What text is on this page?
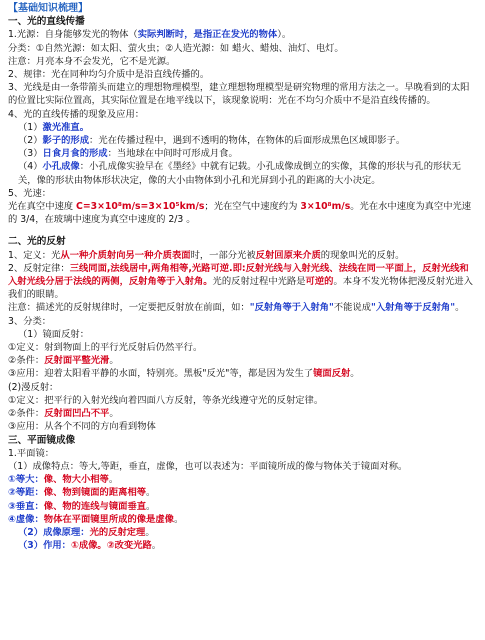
【基础知识梳理】
一、光的直线传播
1.光源：自身能够发光的物体（实际判断时，是指正在发光的物体）。
分类：①自然光源：如太阳、萤火虫；②人造光源：如 蜡火、蜡烛、油灯、电灯。
注意：月亮本身不会发光，它不是光源。
2、规律：光在同种均匀介质中是沿直线传播的。
3、光线是由一条带箭头而建立的理想物理模型，建立理想物理模型是研究物理的常用方法之一。早晚看到的太阳的位置比实际位置高，其实际位置是在地平线以下，该现象说明：光在不均匀介质中不是沿直线传播的。
4、光的直线传播的现象及应用：
（1）激光准直。
（2）影子的形成：光在传播过程中，遇到不透明的物体，在物体的后面形成黑色区域即影子。
（3）日食月食的形成：当地球在中间时可形成月食。
（4）小孔成像：小孔成像实验早在《墨经》中就有记载。小孔成像成倒立的实像，其像的形状与孔的形状无关，像的形状由物体形状决定，像的大小由物体到小孔和光屏到小孔的距离的大小决定。
5、光速：
光在真空中速度 C=3×10⁸m/s=3×10⁵km/s；光在空气中速度约为 3×10⁸m/s。光在水中速度为真空中光速的 3/4，在玻璃中速度为真空中速度的 2/3 。
二、光的反射
1、定义：光从一种介质射向另一种介质表面时，一部分光被反射回原来介质的现象叫光的反射。
2、反射定律：三线同面,法线居中,两角相等,光路可逆.即:反射光线与入射光线、法线在同一平面上，反射光线和入射光线分居于法线的两侧，反射角等于入射角。光的反射过程中光路是可逆的。本身不发光物体把漫反射光进入我们的眼睛。
注意：描述光的反射规律时，一定要把反射放在前面，如："反射角等于入射角"不能说成"入射角等于反射角"。
3、分类：
（1）镜面反射：
①定义：射到物面上的平行光反射后仍然平行。
②条件：反射面平整光滑。
③应用：迎着太阳看平静的水面，特别亮。黑板"反光"等，都是因为发生了镜面反射。
(2)漫反射：
①定义：把平行的入射光线向着四面八方反射，等条光线遵守光的反射定律。
②条件：反射面凹凸不平。
③应用：从各个不同的方向看到物体
三、平面镜成像
1.平面镜：
（1）成像特点：等大,等距，垂直，虚像，也可以表述为：平面镜所成的像与物体关于镜面对称。
①等大：像、物大小相等。
②等距：像、物到镜面的距离相等。
③垂直：像、物的连线与镜面垂直。
④虚像：物体在平面镜里所成的像是虚像。
（2）成像原理：光的反射定理。
（3）作用：①成像。②改变光路。
